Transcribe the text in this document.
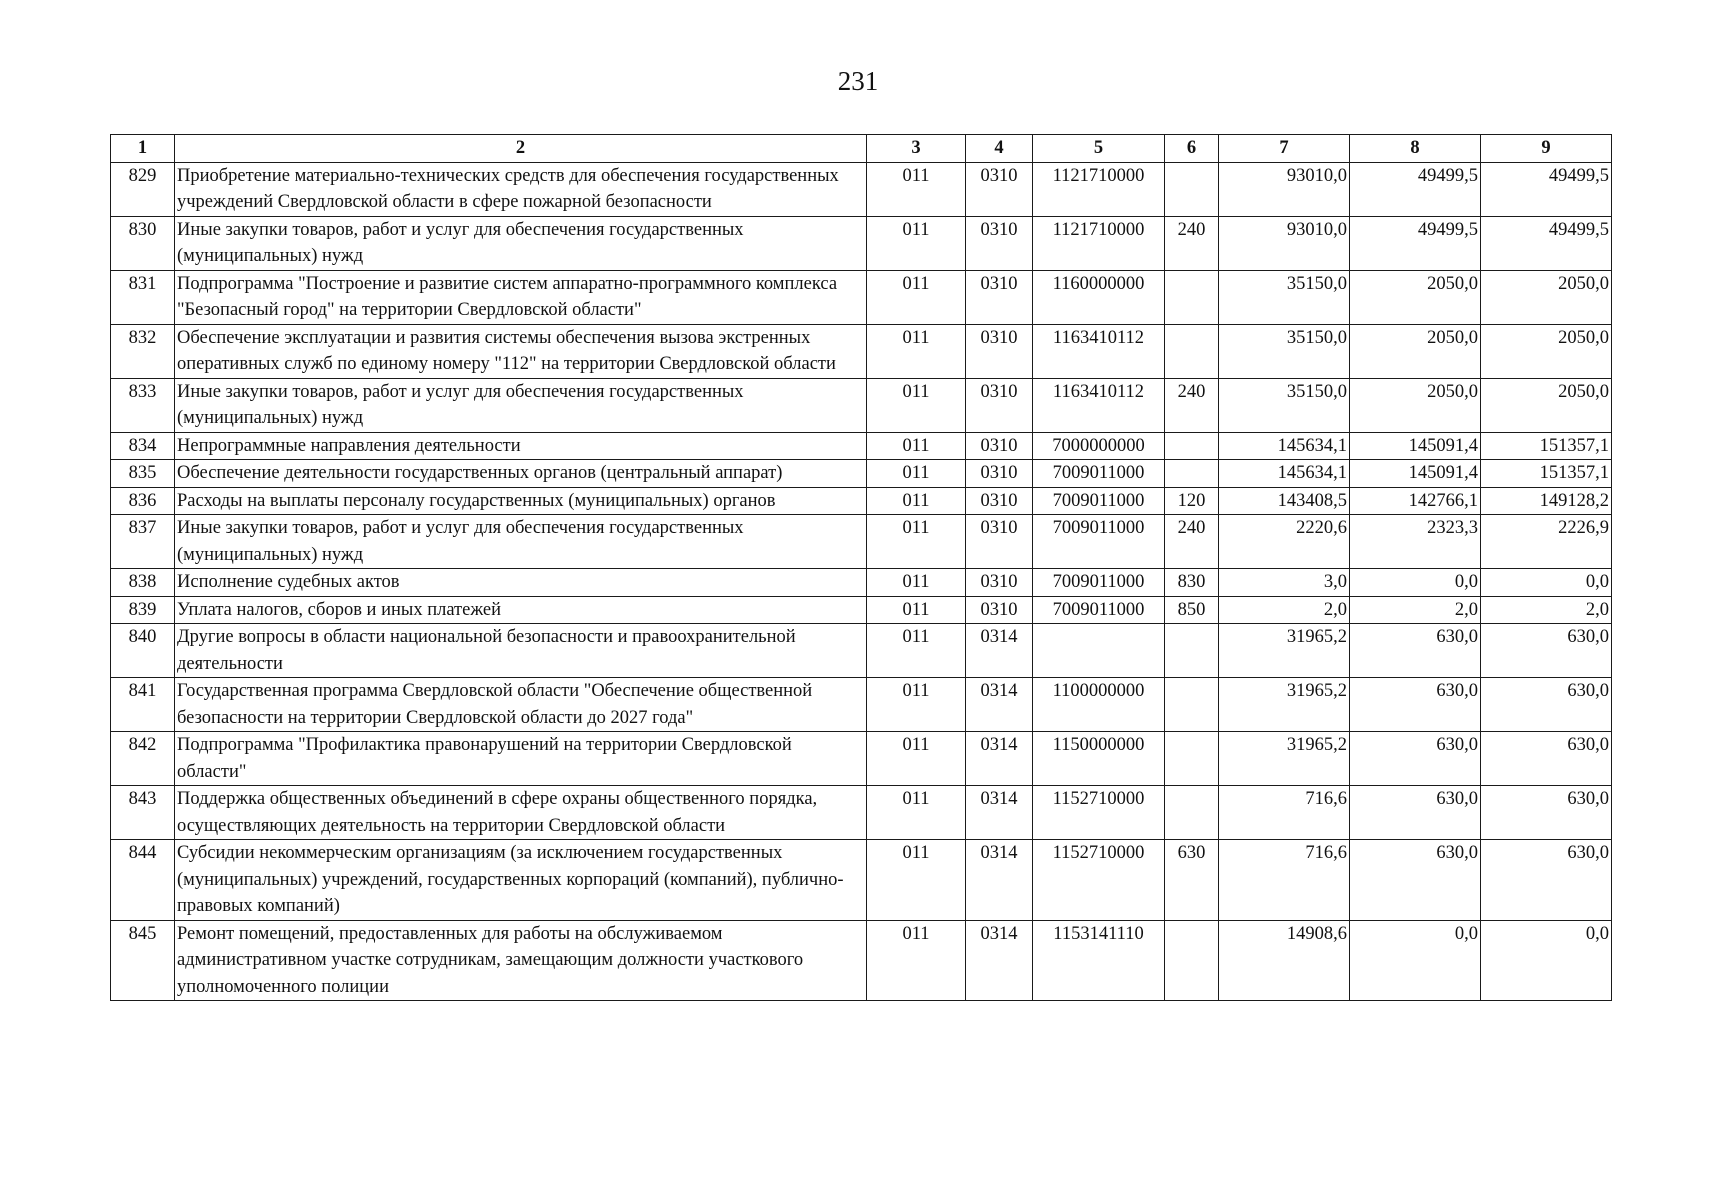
231
1	2	3	4	5	6	7	8	9
829	Приобретение материально-технических средств для обеспечения государственных учреждений Свердловской области в сфере пожарной безопасности	011	0310	1121710000		93010,0	49499,5	49499,5
830	Иные закупки товаров, работ и услуг для обеспечения государственных (муниципальных) нужд	011	0310	1121710000	240	93010,0	49499,5	49499,5
831	Подпрограмма "Построение и развитие систем аппаратно-программного комплекса "Безопасный город" на территории Свердловской области"	011	0310	1160000000		35150,0	2050,0	2050,0
832	Обеспечение эксплуатации и развития системы обеспечения вызова экстренных оперативных служб по единому номеру "112" на территории Свердловской области	011	0310	1163410112		35150,0	2050,0	2050,0
833	Иные закупки товаров, работ и услуг для обеспечения государственных (муниципальных) нужд	011	0310	1163410112	240	35150,0	2050,0	2050,0
834	Непрограммные направления деятельности	011	0310	7000000000		145634,1	145091,4	151357,1
835	Обеспечение деятельности государственных органов (центральный аппарат)	011	0310	7009011000		145634,1	145091,4	151357,1
836	Расходы на выплаты персоналу государственных (муниципальных) органов	011	0310	7009011000	120	143408,5	142766,1	149128,2
837	Иные закупки товаров, работ и услуг для обеспечения государственных (муниципальных) нужд	011	0310	7009011000	240	2220,6	2323,3	2226,9
838	Исполнение судебных актов	011	0310	7009011000	830	3,0	0,0	0,0
839	Уплата налогов, сборов и иных платежей	011	0310	7009011000	850	2,0	2,0	2,0
840	Другие вопросы в области национальной безопасности и правоохранительной деятельности	011	0314			31965,2	630,0	630,0
841	Государственная программа Свердловской области "Обеспечение общественной безопасности на территории Свердловской области до 2027 года"	011	0314	1100000000		31965,2	630,0	630,0
842	Подпрограмма "Профилактика правонарушений на территории Свердловской области"	011	0314	1150000000		31965,2	630,0	630,0
843	Поддержка общественных объединений в сфере охраны общественного порядка, осуществляющих деятельность на территории Свердловской области	011	0314	1152710000		716,6	630,0	630,0
844	Субсидии некоммерческим организациям (за исключением государственных (муниципальных) учреждений, государственных корпораций (компаний), публично-правовых компаний)	011	0314	1152710000	630	716,6	630,0	630,0
845	Ремонт помещений, предоставленных для работы на обслуживаемом административном участке сотрудникам, замещающим должности участкового уполномоченного полиции	011	0314	1153141110		14908,6	0,0	0,0
